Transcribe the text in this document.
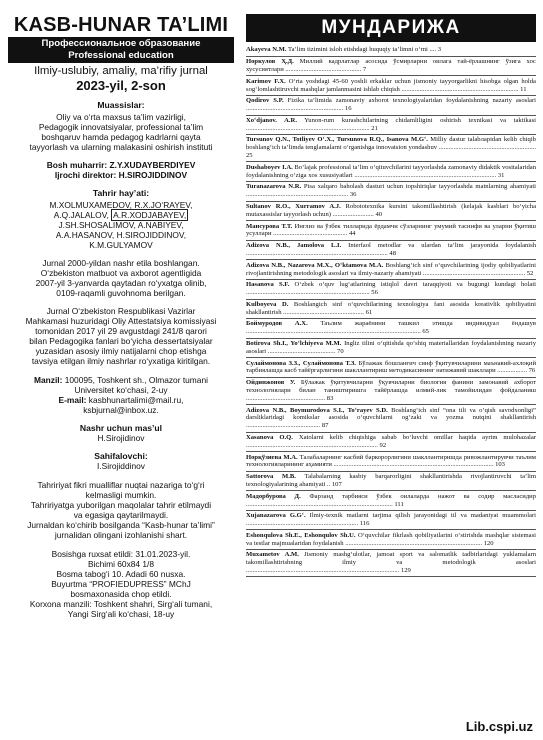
KASB-HUNAR TA’LIMI
Профессиональное образование
Professional education
Ilmiy-uslubiy, amaliy, ma’rifiy jurnal
2023-yil, 2-son
Muassislar:
Oliy va o‘rta maxsus ta’lim vazirligi,
Pedagogik innovatsiyalar, professional ta’lim
boshqaruv hamda pedagog kadrlarni qayta
tayyorlash va ularning malakasini oshirish instituti
Bosh muharrir: Z.Y.XUDAYBERDIYEV
Ijrochi direktor: H.SIROJIDDINOV
Tahrir hay’ati:
M.XOLMUXAMEDOV, R.X.JO‘RAYEV,
A.Q.JALALOV, A.R.XODJABAYEV,
J.SH.SHOSALIMOV, A.NABIYEV,
A.A.HASANOV, H.SIROJIDDINOV,
K.M.GULYAMOV
Jurnal 2000-yildan nashr etila boshlangan.
O‘zbekiston matbuot va axborot agentligida
2007-yil 3-yanvarda qaytadan ro‘yxatga olinib,
0109-raqamli guvohnoma berilgan.
Jurnal O‘zbekiston Respublikasi Vazirlar
Mahkamasi huzuridagi Oliy Attestatsiya komissiyasi
tomonidan 2017 yil 29 avgustdagi 241/8 qarori
bilan Pedagogika fanlari bo‘yicha dessertatsiyalar
yuzasidan asosiy ilmiy natijalarni chop etishga
tavsiya etilgan ilmiy nashrlar ro‘yxatiga kiritilgan.
Manzil: 100095, Toshkent sh., Olmazor tumani
Universitet ko‘chasi, 2-uy
E-mail: kasbhunartalimi@mail.ru,
ksbjurnal@inbox.uz.
Nashr uchun mas’ul
H.Sirojidinov
Sahifalovchi:
I.Sirojiddinov
Tahririyat fikri mualliflar nuqtai nazariga to‘g‘ri
kelmasligi mumkin.
Tahririyatga yuborilgan maqolalar tahrir etilmaydi
va egasiga qaytarilmaydi.
Jurnaldan ko‘chirib bosilganda “Kasb-hunar ta’limi”
jurnalidan olingani izohlanishi shart.
Bosishga ruxsat etildi: 31.01.2023-yil.
Bichimi 60x84 1/8
Bosma tabog‘i 10. Adadi 60 nusxa.
Buyurtma “PROFIEDUPRESS” MChJ
bosmaxonasida chop etildi.
Korxona manzili: Toshkent shahri, Sirg‘ali tumani,
Yangi Sirg‘ali ko‘chasi, 18-uy
МУНДАРИЖА
Akayeva N.M. Ta’lim tizimini isloh etishdagi huquqiy ta’limni o‘rni .... 3
Норкулов Ҳ.Д. Миллий кадрлатлар асосида ўсмирларни оилага тай-ёрлашнинг ўзига хос хусусиятлари .............................................. 7
Karimov F.X. O‘rta yoshdagi 45-60 yoshli erkaklar uchun jismoniy tayyorgarlikni hisobga olgan holda sog‘lomlashtiruvchi mashqlar jamlanmasini ishlab chiqish ....................................................................... 11
Qodirov S.P. Fizika ta’limida zamonaviy axborot texnologiyalaridan foydalanishning nazariy asoslari ........................................................... 16
Xo‘djanov. A.R. Yunon-rum kurashchilarining chidamliligini oshirish texnikasi va taktikasi ........................................................................... 21
Tursunov Q.N., Totliyev O‘.X., Tursunova R.Q., Isanova M.G‘. Milliy dastur talabларidan kelib chiqib boshlang‘ich ta’limda tenglamalarni o‘rganishga innovatsion yondashuv ........................................................... 25
Dushaboyev I.A. Bo‘lajak professional ta’lim o‘qituvchilarini tayyorlashda zamonaviy didaktik vositalaridan foydalanishning o‘ziga xos xususiyatlari ...................................................................................... 31
Turanazarova N.R. Pisa xalqaro baholash dasturi uchun topshiriqlar tayyorlashda matnlarning ahamiyati .............................................................. 36
Sultanov R.O., Xurramov A.J. Robototexnika kursini takomillashtirish (kelajak kasblari bo‘yicha mutaxassislar tayyorlash uchun) ......................... 40
Мансурова Т.Т. Инглиз ва ўзбек тилларида ёрдамчи сўзларнинг умумий таснифи ва уларни ўқитиш усуллари ............................................. 44
Adizova N.B., Jamolova L.I. Interfaol metodlar va ulardan ta’lim jarayonida foydalanish ...................................................................................... 48
Adizova N.B., Nazarova M.X., O‘ktamova M.A. Boshlang‘ich sinf o‘quvchilarining ijodiy qobiliyatlarini rivojlantirishning metodologik asoslari va ilmiy-nazariy ahamiyati .............................................................. 52
Hasanova S.F. O‘zbek o‘quv lug‘atlarining istiqlol davri taraqqiyoti va bugungi kundagi holati ........................................................................... 56
Kulboyeva D. Boshlangich sinf o‘quvchilarining texnologiya fani asosida kreativlik qobiliyatini shakllantirish ................................................. 61
Боймуродов А.Х. Таълим жараёнини ташкил этишда индивидуал ёндашув .......................................................................................................... 65
Botirova Sh.I., Yo‘lchiyeva M.M. Ingliz tilini o‘qitishda qo‘shiq materiallaridan foydalanishning nazariy asoslari ......................................... 70
Сулаймонова З.З., Сулаймонова Т.З. Бўлажак бошланғич синф ўқитувчиларини маънавий-ахлоқий тарбиялашда касб тайёргарлигини шакллантириш методикасининг натижавий шакллари .................. 76
Ойдинжонов У. Бўлажак ўқитувчиларни ўқувчиларни биология фанини замонавий ахборот технологиялари билан таништиришга тайёрлашда илмий-лик тамойилидан фойдаланиш ................................................ 83
Adizova N.B., Boymurodova S.I., To‘rayev S.D. Boshlang‘ich sinf “ona tili va o‘qish savodxonligi” darsliklaridagi komikslar asosida o‘quvchilarni og‘zaki va yozma nutqini shakllantirish ............................................. 87
Xasanova O.Q. Xatolarni kelib chiqishiga sabab bo‘luvchi omillar haqida ayrim mulohazalar ................................................................................ 92
Норқўзиева М.А. Талабаларнинг касбий баркорорлигини шакллантиришда ривожлантирувчи таълим технологияларининг аҳамияти ................................................................................................. 103
Sattorova M.B. Talabalarning kasbiy barqarorligini shakllantirishda rivojlantiruvchi ta’lim texnologiyalarining ahamiyati .. 107
Мадорбурова Д. Фарзанд тарбияси ўзбек оилаларда нажот ва содир масласидир ......................................................................................... 111
Xujanazarova G.G‘. Ilmiy-texnik matlarni tarjima qilish jarayonidagi til va madaniyat muammolari .................................................................... 116
Eshonqulova Sh.E., Eshonqulov Sh.U. O‘quvchilar fikrlash qobiliyatlarini o‘stirishda mashqlar sistemasi va testlar majmualaridan foydalanish ................................................................................... 120
Muxametov A.M. Jismoniy mashg‘ulotlar, jamoat sport va salomatlik tadbirlaridagi yuklamalarn takomillashtirishning ilmiy va metodologik asoslari ............................................................................................. 129
Lib.cspi.uz
